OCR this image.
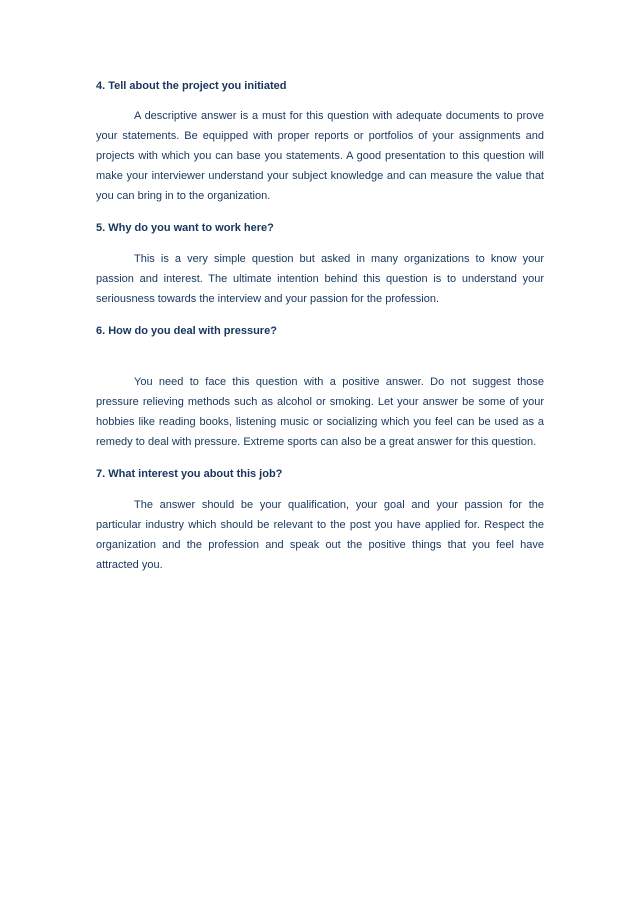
4. Tell about the project you initiated

A descriptive answer is a must for this question with adequate documents to prove your statements. Be equipped with proper reports or portfolios of your assignments and projects with which you can base you statements. A good presentation to this question will make your interviewer understand your subject knowledge and can measure the value that you can bring in to the organization.

5. Why do you want to work here?

This is a very simple question but asked in many organizations to know your passion and interest. The ultimate intention behind this question is to understand your seriousness towards the interview and your passion for the profession.

6. How do you deal with pressure?

You need to face this question with a positive answer. Do not suggest those pressure relieving methods such as alcohol or smoking. Let your answer be some of your hobbies like reading books, listening music or socializing which you feel can be used as a remedy to deal with pressure. Extreme sports can also be a great answer for this question.

7. What interest you about this job?

The answer should be your qualification, your goal and your passion for the particular industry which should be relevant to the post you have applied for. Respect the organization and the profession and speak out the positive things that you feel have attracted you.
